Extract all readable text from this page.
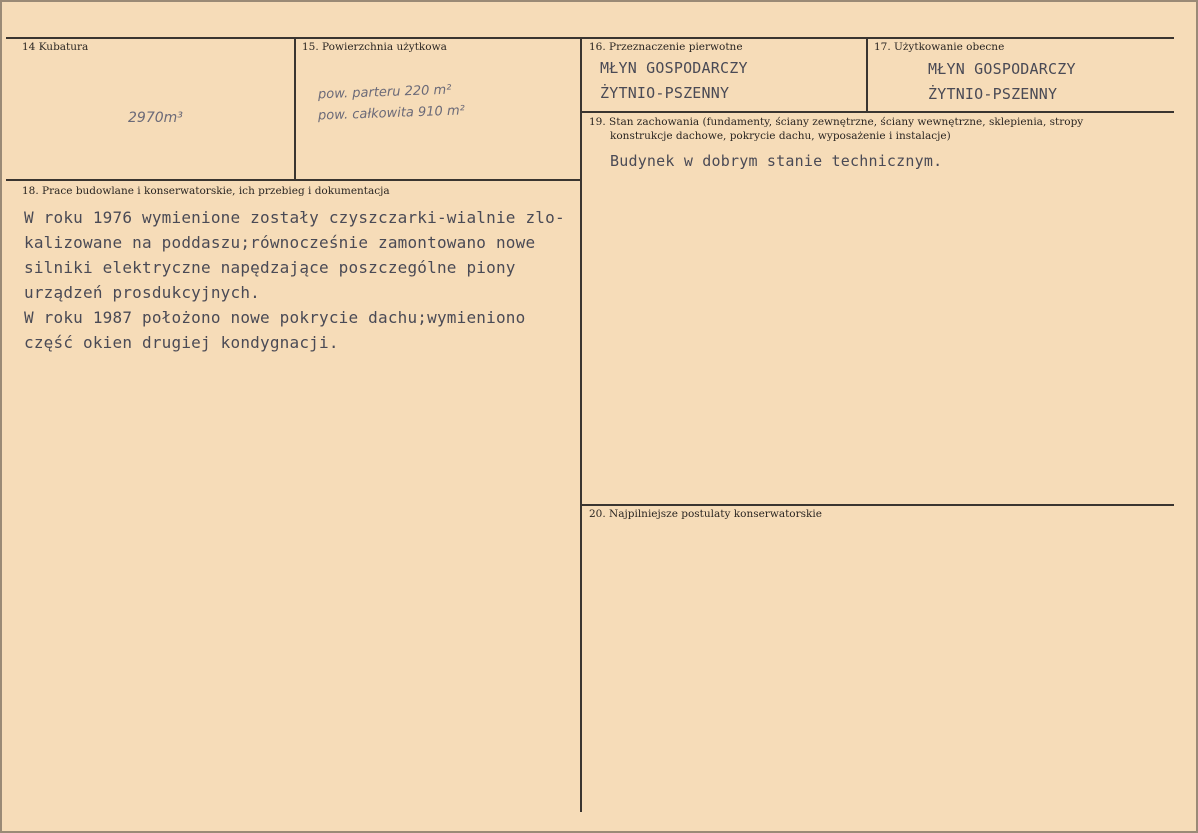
14 Kubatura
2970m³
15. Powierzchnia użytkowa
pow. parteru 220 m²
pow. całkowita 910 m²
16. Przeznaczenie pierwotne
MŁYN GOSPODARCZY
ŻYTNIO-PSZENNY
17. Użytkowanie obecne
MŁYN GOSPODARCZY
ŻYTNIO-PSZENNY
18. Prace budowlane i konserwatorskie, ich przebieg i dokumentacja
W roku 1976 wymienione zostały czyszczarki-wialnie zlo-
kalizowane na poddaszu;równocześnie zamontowano nowe
silniki elektryczne napędzające poszczególne piony
urządzeń prosdukcyjnych.
W roku 1987 położono nowe pokrycie dachu;wymieniono
część okien drugiej kondygnacji.
19. Stan zachowania (fundamenty, ściany zewnętrzne, ściany wewnętrzne, sklepienia, stropy
konstrukcje dachowe, pokrycie dachu, wyposażenie i instalacje)
Budynek w dobrym stanie technicznym.
20. Najpilniejsze postulaty konserwatorskie
